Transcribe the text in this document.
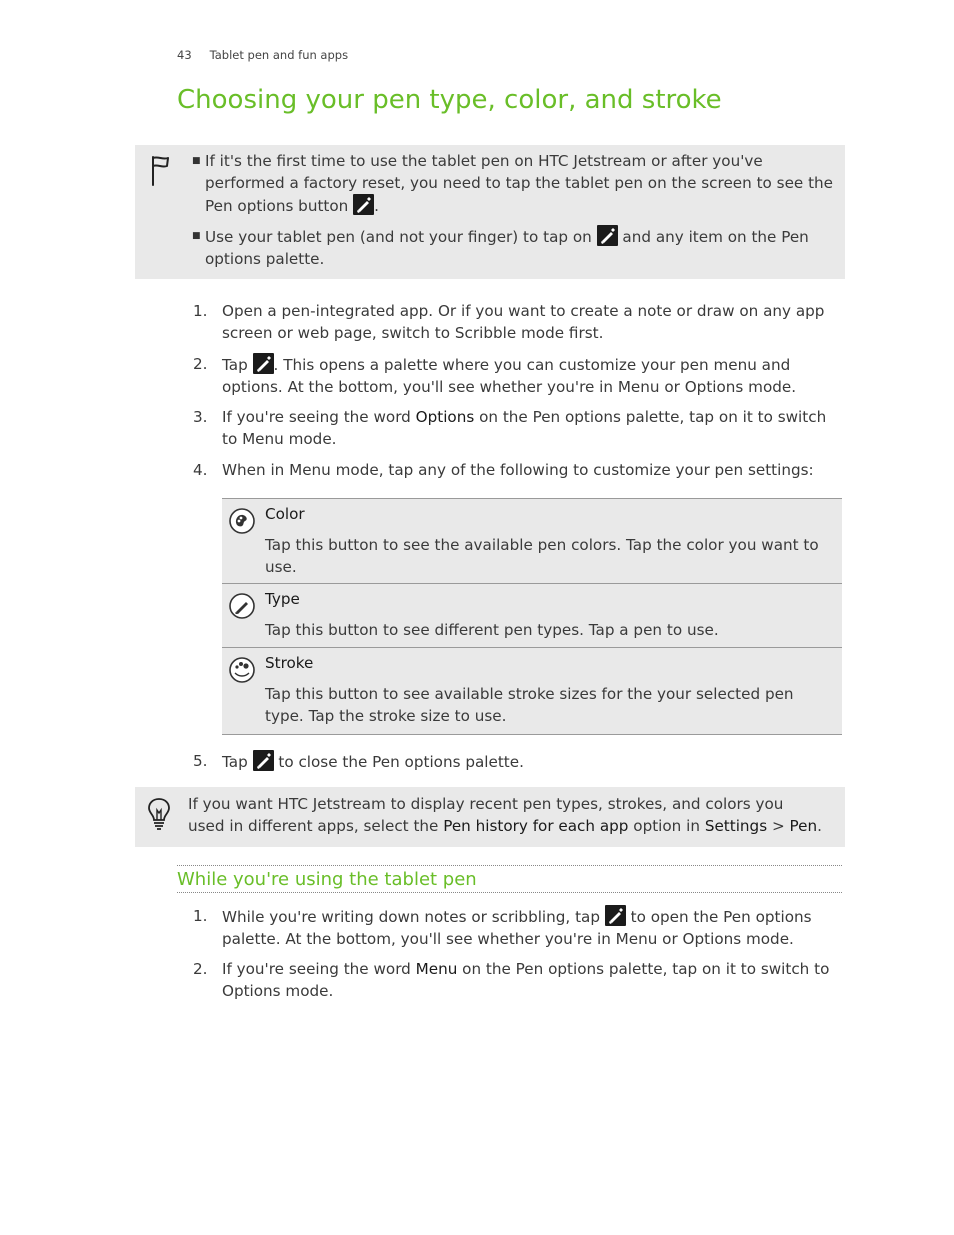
43 Tablet pen and fun apps
Choosing your pen type, color, and stroke
■ If it's the first time to use the tablet pen on HTC Jetstream or after you've
performed a factory reset, you need to tap the tablet pen on the screen to see the
Pen options button .
■ Use your tablet pen (and not your finger) to tap on and any item on the Pen
options palette.
1. Open a pen-integrated app. Or if you want to create a note or draw on any app
screen or web page, switch to Scribble mode first.
2. Tap . This opens a palette where you can customize your pen menu and
options. At the bottom, you'll see whether you're in Menu or Options mode.
3. If you're seeing the word Options on the Pen options palette, tap on it to switch
to Menu mode.
4. When in Menu mode, tap any of the following to customize your pen settings:
Color
Tap this button to see the available pen colors. Tap the color you want to
use.
Type
Tap this button to see different pen types. Tap a pen to use.
Stroke
Tap this button to see available stroke sizes for the your selected pen
type. Tap the stroke size to use.
5. Tap to close the Pen options palette.
If you want HTC Jetstream to display recent pen types, strokes, and colors you
used in different apps, select the Pen history for each app option in Settings > Pen.
While you're using the tablet pen
1. While you're writing down notes or scribbling, tap to open the Pen options
palette. At the bottom, you'll see whether you're in Menu or Options mode.
2. If you're seeing the word Menu on the Pen options palette, tap on it to switch to
Options mode.
